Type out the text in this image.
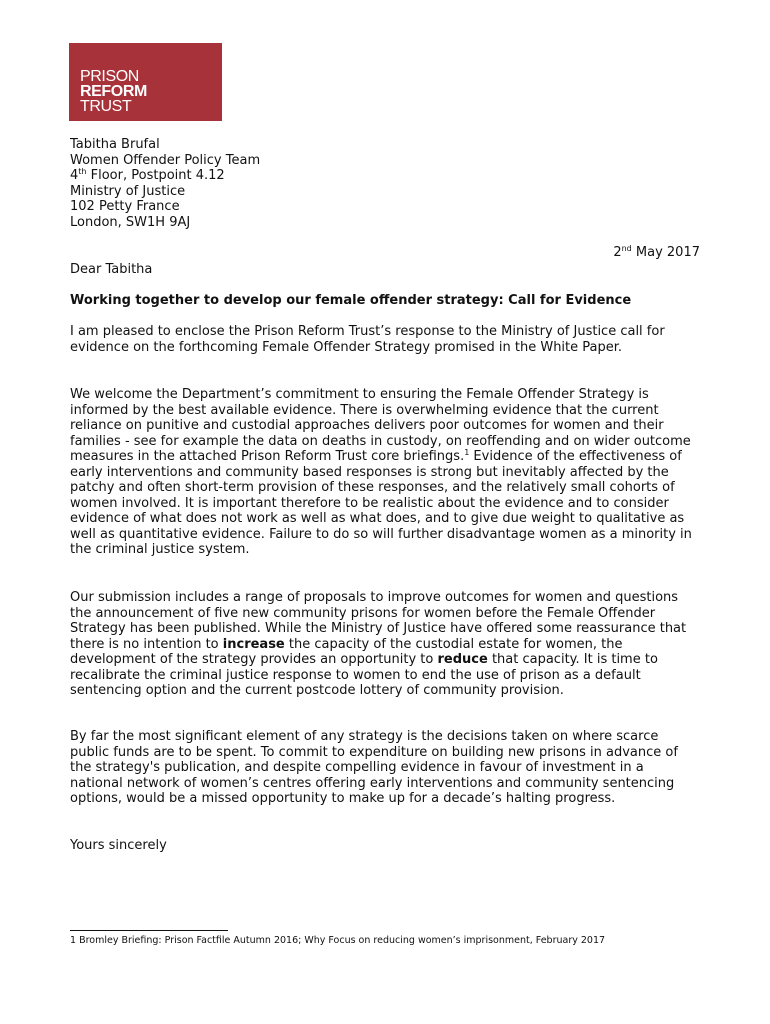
PRISON
REFORM
TRUST
Tabitha Brufal
Women Offender Policy Team
4th Floor, Postpoint 4.12
Ministry of Justice
102 Petty France
London, SW1H 9AJ
2nd May 2017
Dear Tabitha
Working together to develop our female offender strategy: Call for Evidence
I am pleased to enclose the Prison Reform Trust’s response to the Ministry of Justice call for evidence on the forthcoming Female Offender Strategy promised in the White Paper.
We welcome the Department’s commitment to ensuring the Female Offender Strategy is informed by the best available evidence. There is overwhelming evidence that the current reliance on punitive and custodial approaches delivers poor outcomes for women and their families - see for example the data on deaths in custody, on reoffending and on wider outcome measures in the attached Prison Reform Trust core briefings.$^1$ Evidence of the effectiveness of early interventions and community based responses is strong but inevitably affected by the patchy and often short-term provision of these responses, and the relatively small cohorts of women involved. It is important therefore to be realistic about the evidence and to consider evidence of what does not work as well as what does, and to give due weight to qualitative as well as quantitative evidence. Failure to do so will further disadvantage women as a minority in the criminal justice system.
Our submission includes a range of proposals to improve outcomes for women and questions the announcement of five new community prisons for women before the Female Offender Strategy has been published. While the Ministry of Justice have offered some reassurance that there is no intention to increase the capacity of the custodial estate for women, the development of the strategy provides an opportunity to reduce that capacity. It is time to recalibrate the criminal justice response to women to end the use of prison as a default sentencing option and the current postcode lottery of community provision.
By far the most significant element of any strategy is the decisions taken on where scarce public funds are to be spent. To commit to expenditure on building new prisons in advance of the strategy's publication, and despite compelling evidence in favour of investment in a national network of women’s centres offering early interventions and community sentencing options, would be a missed opportunity to make up for a decade’s halting progress.
Yours sincerely
1 Bromley Briefing: Prison Factfile Autumn 2016; Why Focus on reducing women’s imprisonment, February 2017
